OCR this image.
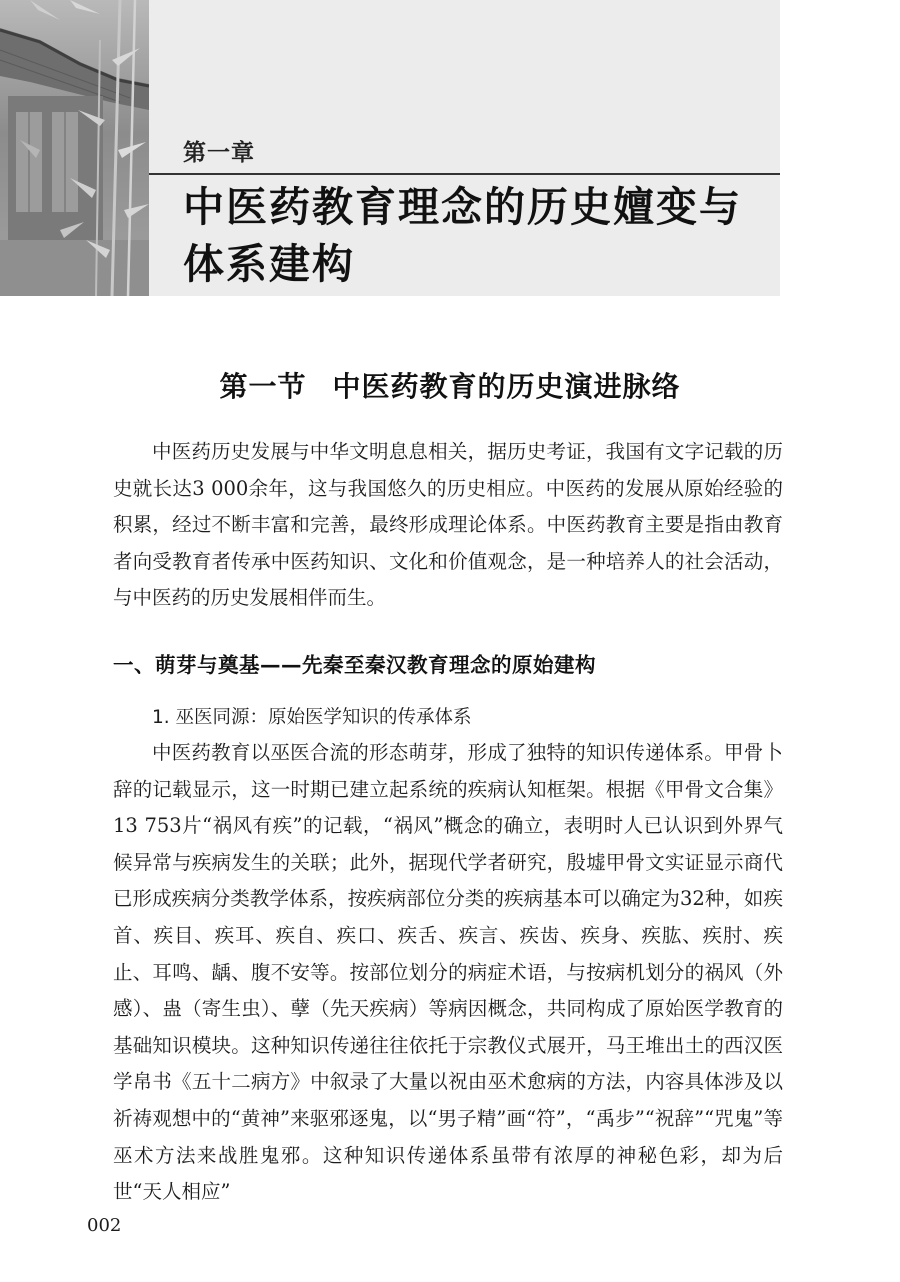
第一章
中医药教育理念的历史嬗变与体系建构
第一节 中医药教育的历史演进脉络

中医药历史发展与中华文明息息相关，据历史考证，我国有文字记载的历史就长达3 000余年，这与我国悠久的历史相应。中医药的发展从原始经验的积累，经过不断丰富和完善，最终形成理论体系。中医药教育主要是指由教育者向受教育者传承中医药知识、文化和价值观念，是一种培养人的社会活动，与中医药的历史发展相伴而生。

一、萌芽与奠基——先秦至秦汉教育理念的原始建构
1. 巫医同源：原始医学知识的传承体系

中医药教育以巫医合流的形态萌芽，形成了独特的知识传递体系。甲骨卜辞的记载显示，这一时期已建立起系统的疾病认知框架。根据《甲骨文合集》13 753片“祸风有疾”的记载，“祸风”概念的确立，表明时人已认识到外界气候异常与疾病发生的关联；此外，据现代学者研究，殷墟甲骨文实证显示商代已形成疾病分类教学体系，按疾病部位分类的疾病基本可以确定为32种，如疾首、疾目、疾耳、疾自、疾口、疾舌、疾言、疾齿、疾身、疾肱、疾肘、疾止、耳鸣、龋、腹不安等。按部位划分的病症术语，与按病机划分的祸风（外感）、蛊（寄生虫）、孽（先天疾病）等病因概念，共同构成了原始医学教育的基础知识模块。这种知识传递往往依托于宗教仪式展开，马王堆出土的西汉医学帛书《五十二病方》中叙录了大量以祝由巫术愈病的方法，内容具体涉及以祈祷观想中的“黄神”来驱邪逐鬼，以“男子精”画“符”，“禹步”“祝辞”“咒鬼”等巫术方法来战胜鬼邪。这种知识传递体系虽带有浓厚的神秘色彩，却为后世“天人相应”

002
